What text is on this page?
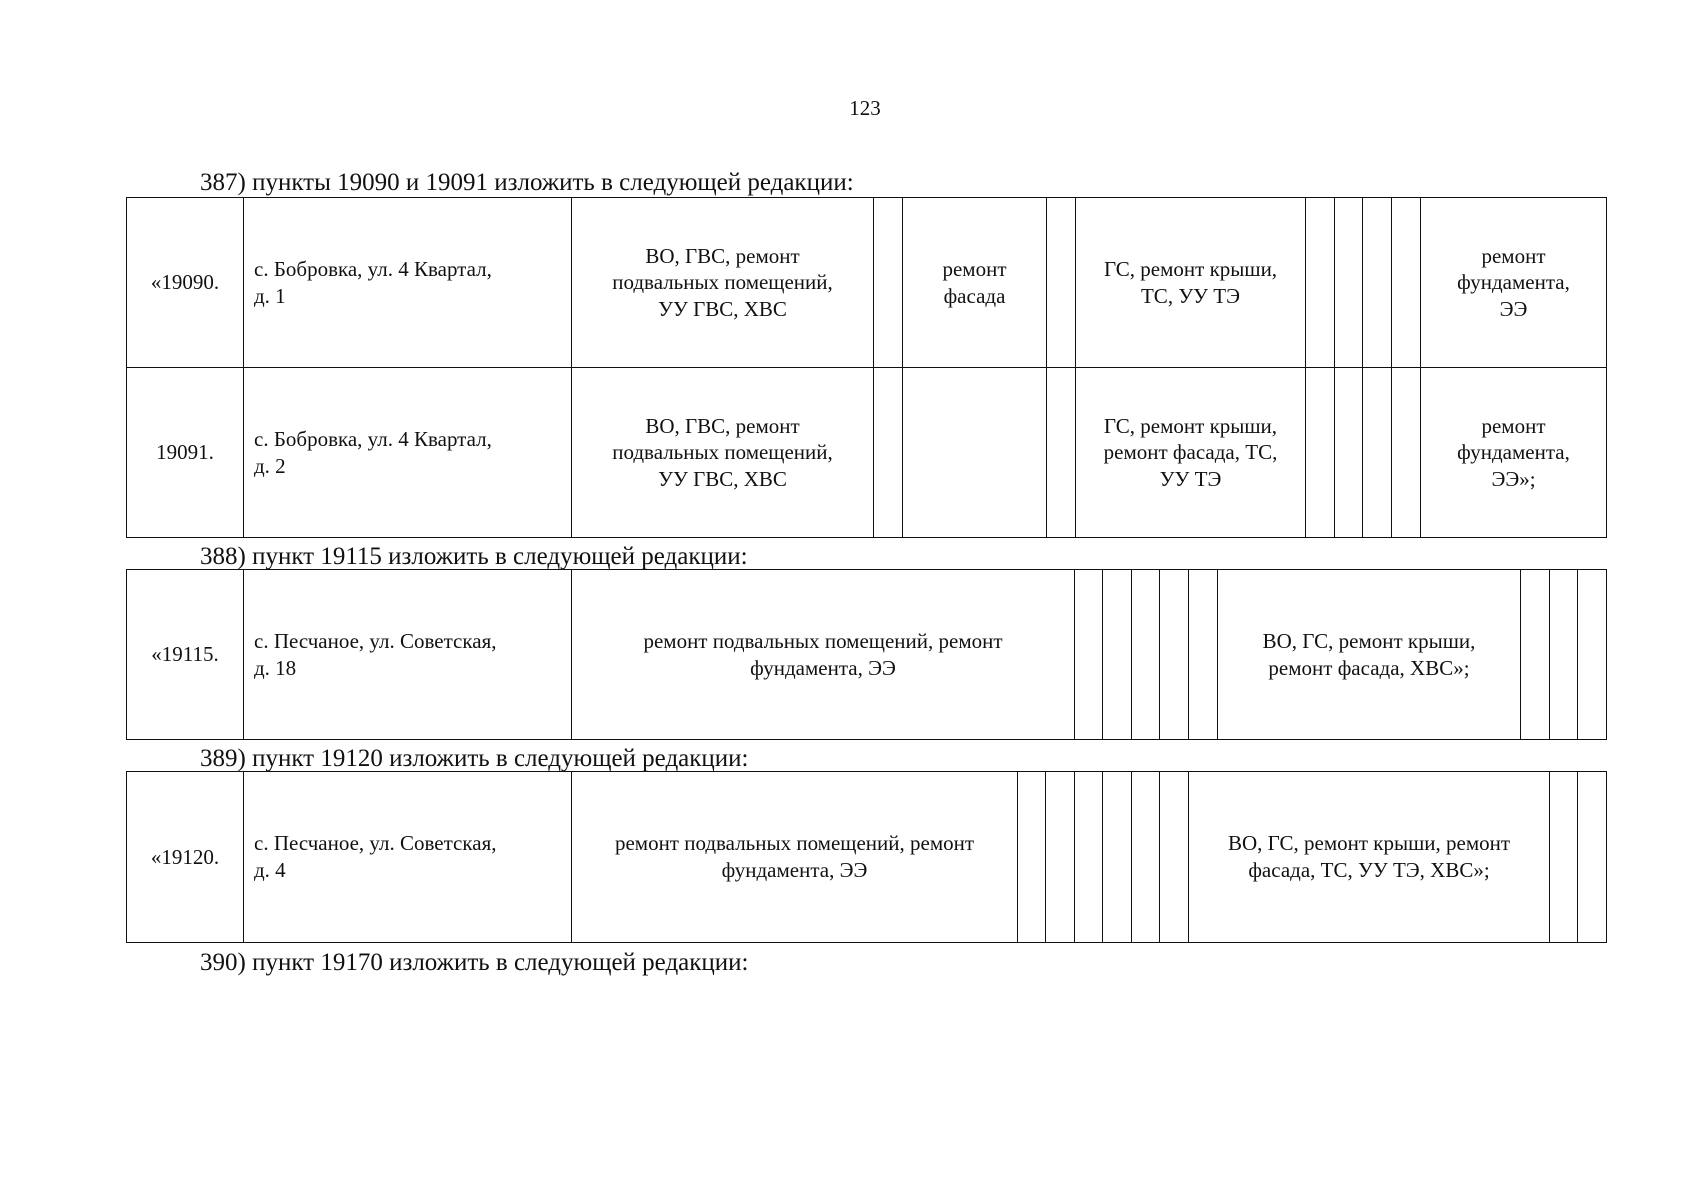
123
387) пункты 19090 и 19091 изложить в следующей редакции:
«19090.
с. Бобровка, ул. 4 Квартал,
д. 1
ВО, ГВС, ремонт
подвальных помещений,
УУ ГВС, ХВС
ремонт
фасада
ГС, ремонт крыши,
ТС, УУ ТЭ
ремонт
фундамента,
ЭЭ
19091.
с. Бобровка, ул. 4 Квартал,
д. 2
ВО, ГВС, ремонт
подвальных помещений,
УУ ГВС, ХВС
ГС, ремонт крыши,
ремонт фасада, ТС,
УУ ТЭ
ремонт
фундамента,
ЭЭ»;
388) пункт 19115 изложить в следующей редакции:
«19115.
с. Песчаное, ул. Советская,
д. 18
ремонт подвальных помещений, ремонт
фундамента, ЭЭ
ВО, ГС, ремонт крыши,
ремонт фасада, ХВС»;
389) пункт 19120 изложить в следующей редакции:
«19120.
с. Песчаное, ул. Советская,
д. 4
ремонт подвальных помещений, ремонт
фундамента, ЭЭ
ВО, ГС, ремонт крыши, ремонт
фасада, ТС, УУ ТЭ, ХВС»;
390) пункт 19170 изложить в следующей редакции:
